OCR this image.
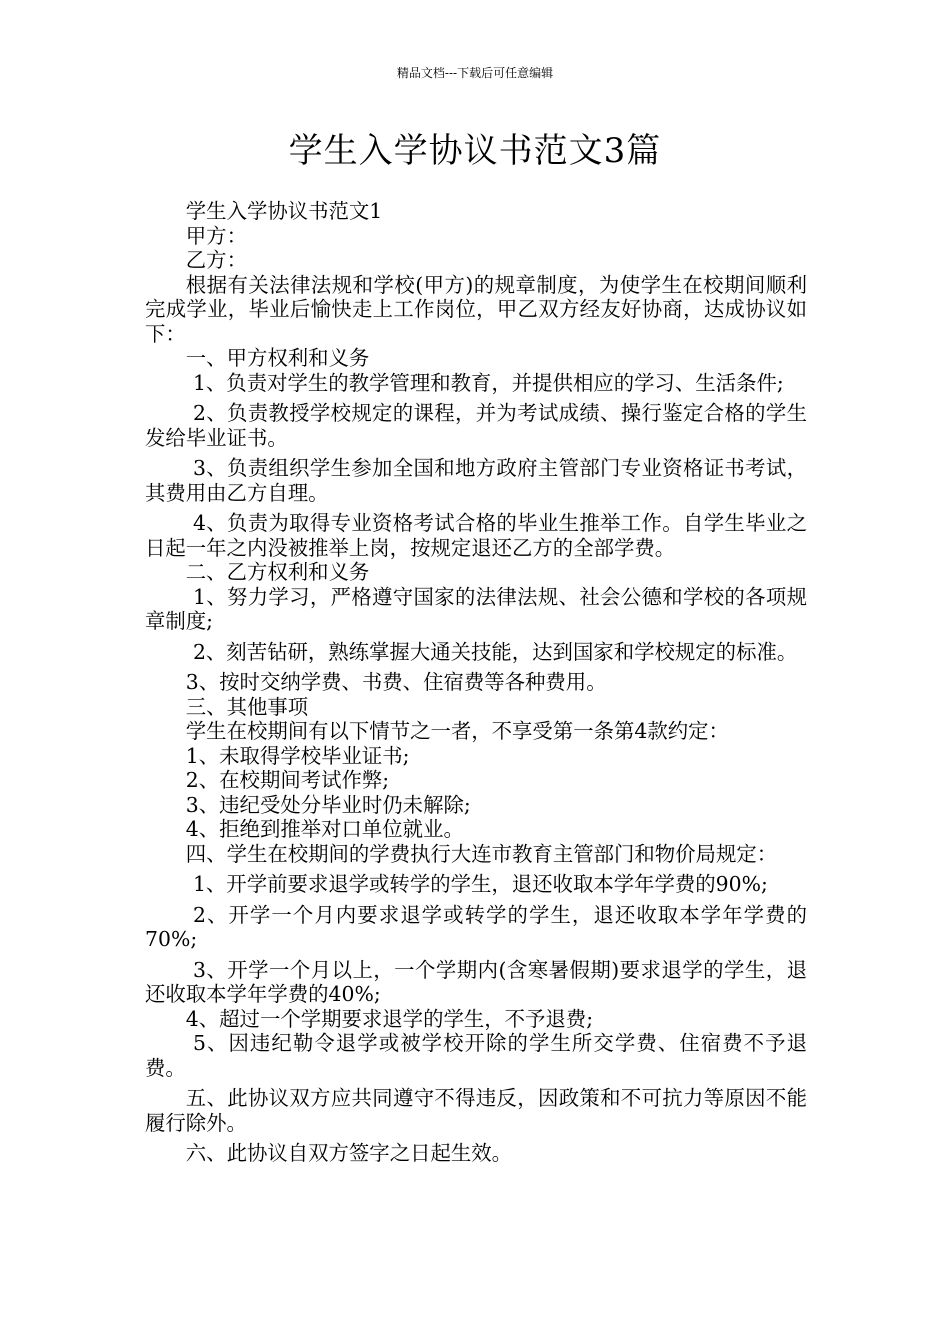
精品文档---下载后可任意编辑
学生入学协议书范文3篇

学生入学协议书范文1

甲方：

乙方：

根据有关法律法规和学校(甲方)的规章制度，为使学生在校期间顺利完成学业，毕业后愉快走上工作岗位，甲乙双方经友好协商，达成协议如下：

一、甲方权利和义务

1、负责对学生的教学管理和教育，并提供相应的学习、生活条件;

2、负责教授学校规定的课程，并为考试成绩、操行鉴定合格的学生发给毕业证书。

3、负责组织学生参加全国和地方政府主管部门专业资格证书考试，其费用由乙方自理。

4、负责为取得专业资格考试合格的毕业生推举工作。自学生毕业之日起一年之内没被推举上岗，按规定退还乙方的全部学费。

二、乙方权利和义务

1、努力学习，严格遵守国家的法律法规、社会公德和学校的各项规章制度;

2、刻苦钻研，熟练掌握大通关技能，达到国家和学校规定的标准。

3、按时交纳学费、书费、住宿费等各种费用。

三、其他事项

学生在校期间有以下情节之一者，不享受第一条第4款约定：

1、未取得学校毕业证书;

2、在校期间考试作弊;

3、违纪受处分毕业时仍未解除;

4、拒绝到推举对口单位就业。

四、学生在校期间的学费执行大连市教育主管部门和物价局规定：

1、开学前要求退学或转学的学生，退还收取本学年学费的90%;

2、开学一个月内要求退学或转学的学生，退还收取本学年学费的70%;

3、开学一个月以上，一个学期内(含寒暑假期)要求退学的学生，退还收取本学年学费的40%;

4、超过一个学期要求退学的学生，不予退费;

5、因违纪勒令退学或被学校开除的学生所交学费、住宿费不予退费。

五、此协议双方应共同遵守不得违反，因政策和不可抗力等原因不能履行除外。

六、此协议自双方签字之日起生效。
